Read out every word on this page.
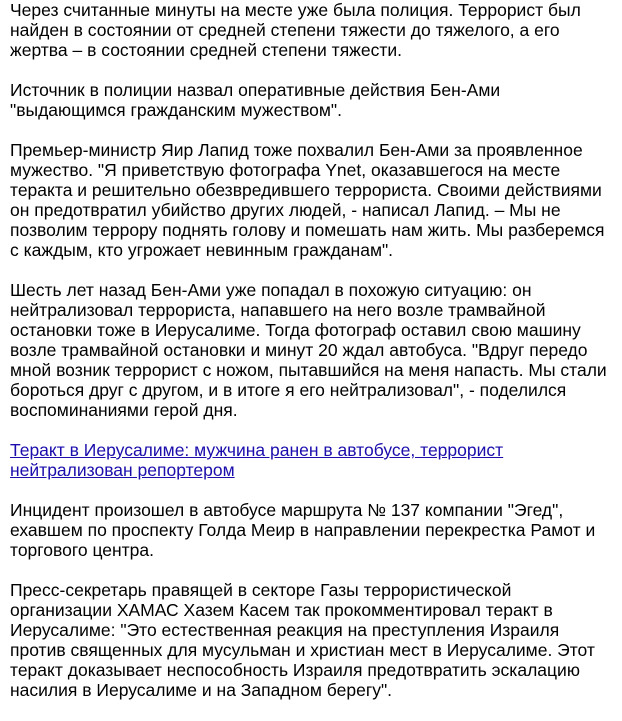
Через считанные минуты на месте уже была полиция. Террорист был найден в состоянии от средней степени тяжести до тяжелого, а его жертва – в состоянии средней степени тяжести.

Источник в полиции назвал оперативные действия Бен-Ами "выдающимся гражданским мужеством".

Премьер-министр Яир Лапид тоже похвалил Бен-Ами за проявленное мужество. "Я приветствую фотографа Ynet, оказавшегося на месте теракта и решительно обезвредившего террориста. Своими действиями он предотвратил убийство других людей, - написал Лапид. – Мы не позволим террору поднять голову и помешать нам жить. Мы разберемся с каждым, кто угрожает невинным гражданам".

Шесть лет назад Бен-Ами уже попадал в похожую ситуацию: он нейтрализовал террориста, напавшего на него возле трамвайной остановки тоже в Иерусалиме. Тогда фотограф оставил свою машину возле трамвайной остановки и минут 20 ждал автобуса. "Вдруг передо мной возник террорист с ножом, пытавшийся на меня напасть. Мы стали бороться друг с другом, и в итоге я его нейтрализовал", - поделился воспоминаниями герой дня.

Теракт в Иерусалиме: мужчина ранен в автобусе, террорист нейтрализован репортером

Инцидент произошел в автобусе маршрута № 137 компании "Эгед", ехавшем по проспекту Голда Меир в направлении перекрестка Рамот и торгового центра.

Пресс-секретарь правящей в секторе Газы террористической организации ХАМАС Хазем Касем так прокомментировал теракт в Иерусалиме: "Это естественная реакция на преступления Израиля против священных для мусульман и христиан мест в Иерусалиме. Этот теракт доказывает неспособность Израиля предотвратить эскалацию насилия в Иерусалиме и на Западном берегу".
